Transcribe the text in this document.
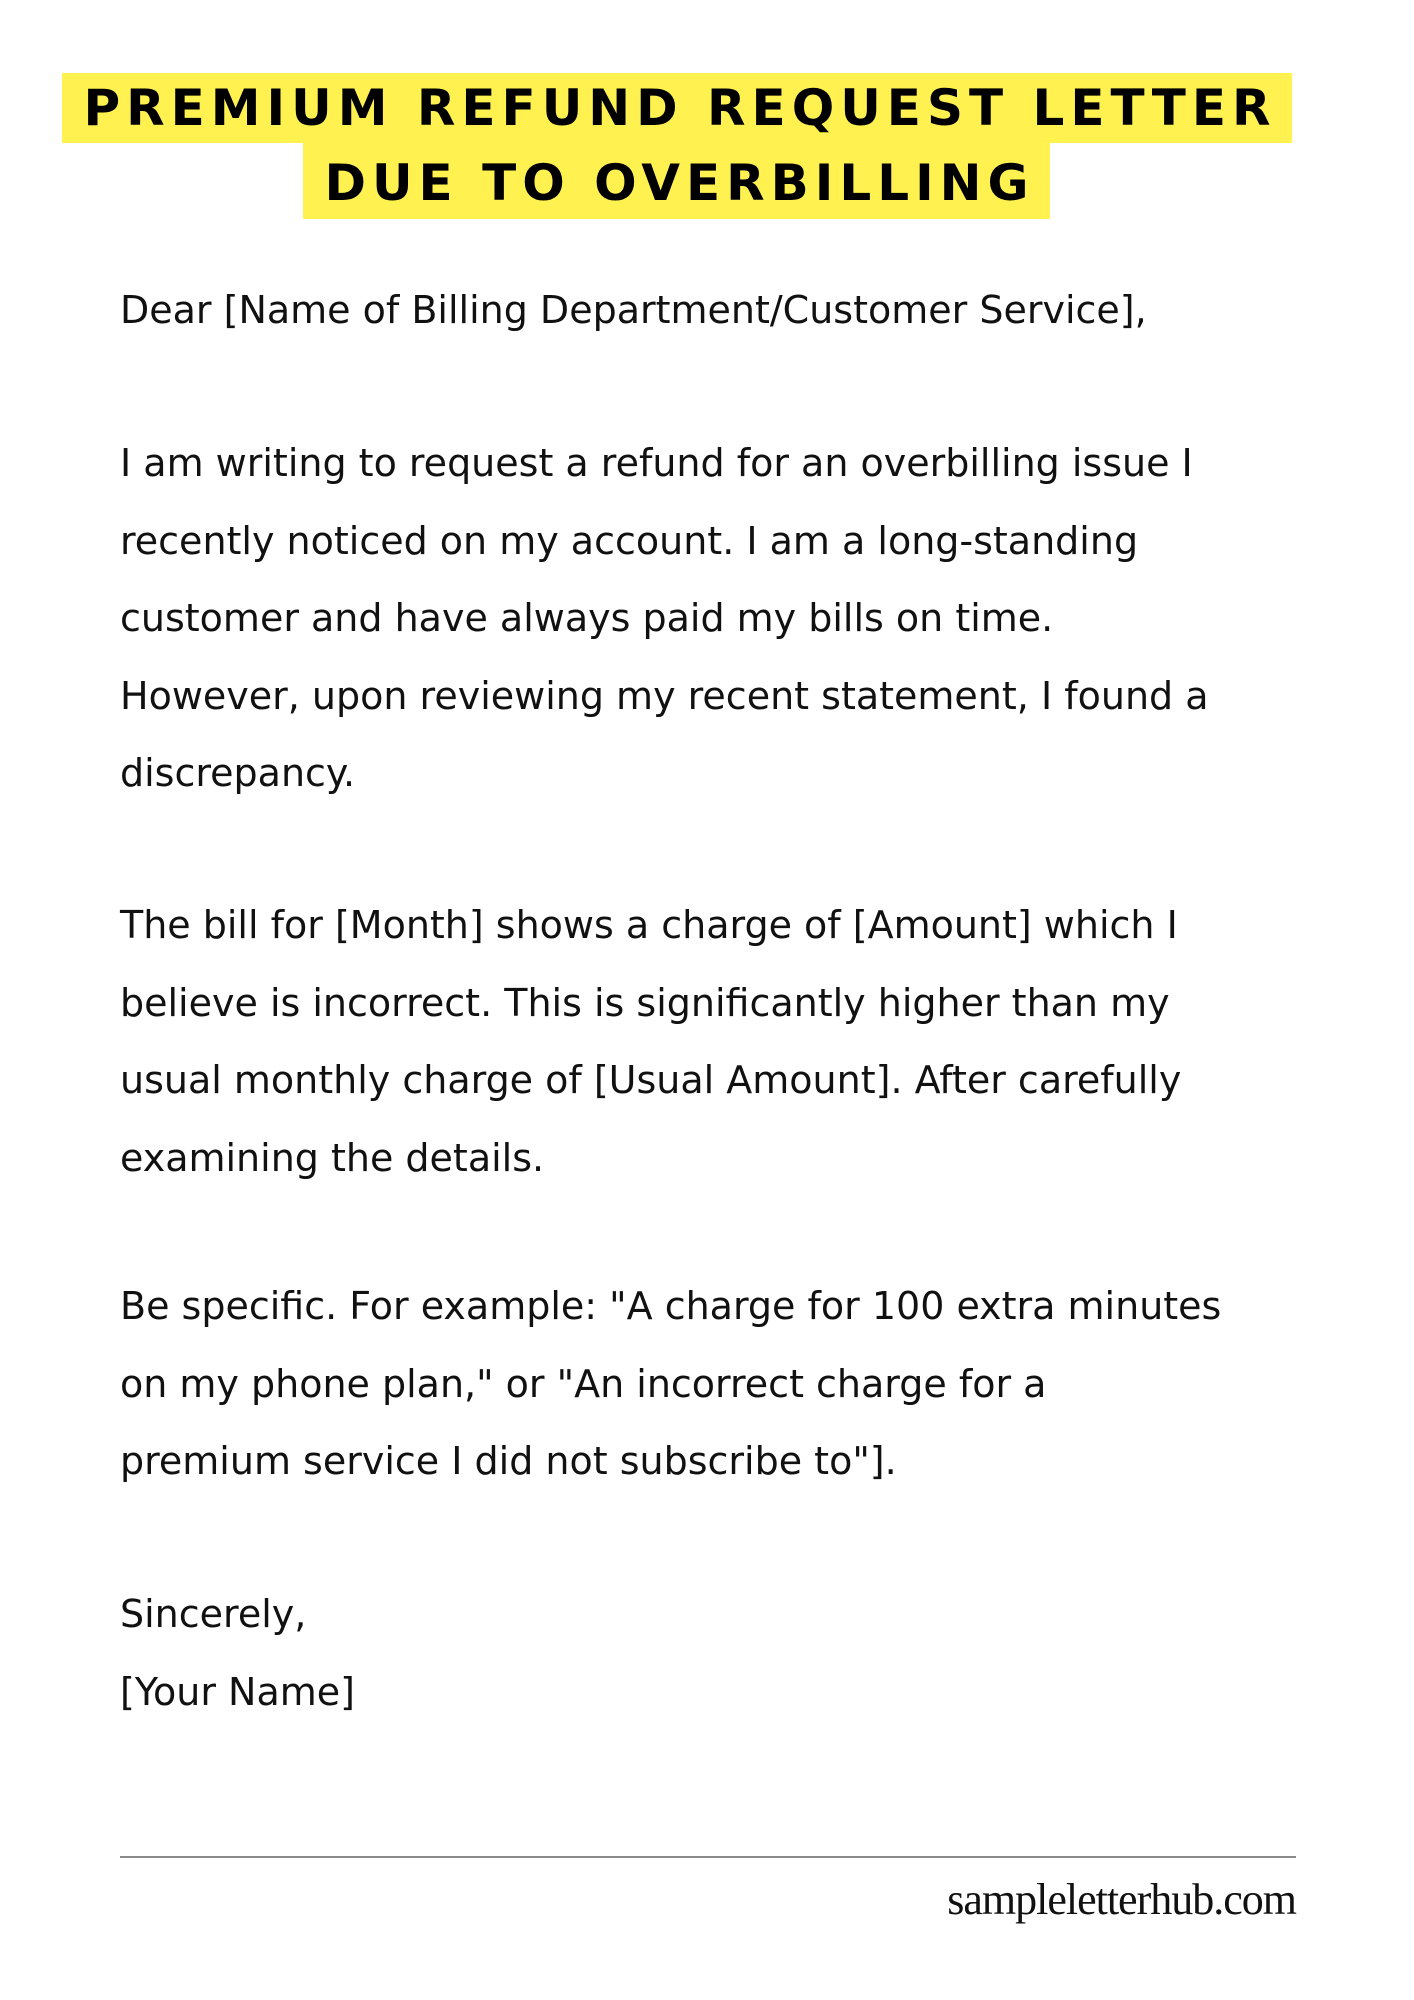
PREMIUM REFUND REQUEST LETTER
DUE TO OVERBILLING
Dear [Name of Billing Department/Customer Service],
I am writing to request a refund for an overbilling issue I
recently noticed on my account. I am a long-standing
customer and have always paid my bills on time.
However, upon reviewing my recent statement, I found a
discrepancy.
The bill for [Month] shows a charge of [Amount] which I
believe is incorrect. This is significantly higher than my
usual monthly charge of [Usual Amount]. After carefully
examining the details.
Be specific. For example: "A charge for 100 extra minutes
on my phone plan," or "An incorrect charge for a
premium service I did not subscribe to"].
Sincerely,
[Your Name]
sampleletterhub.com
